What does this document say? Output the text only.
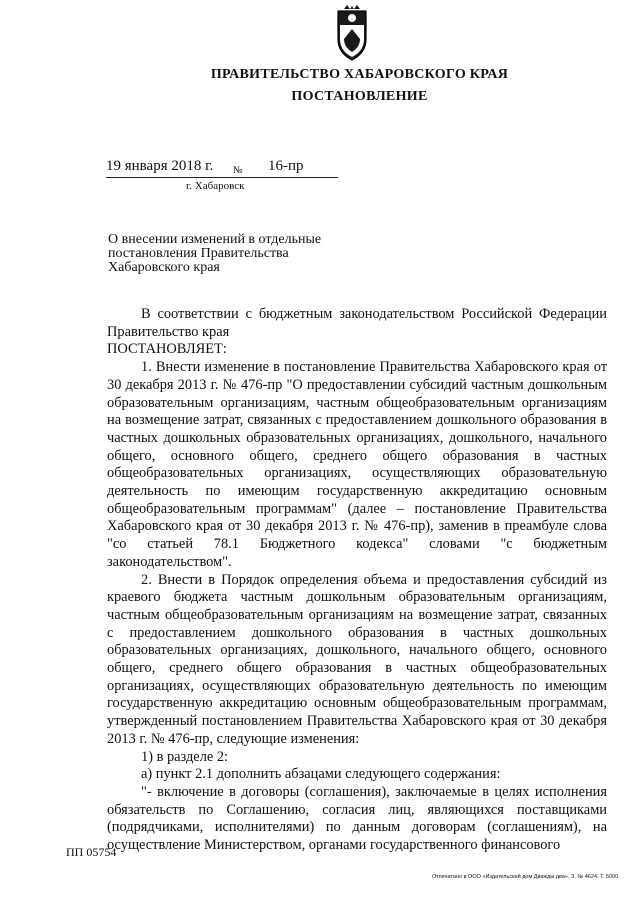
ПРАВИТЕЛЬСТВО ХАБАРОВСКОГО КРАЯ

ПОСТАНОВЛЕНИЕ

19 января 2018 г. № 16-пр
г. Хабаровск

О внесении изменений в отдельные постановления Правительства Хабаровского края

В соответствии с бюджетным законодательством Российской Федерации Правительство края

ПОСТАНОВЛЯЕТ:

1. Внести изменение в постановление Правительства Хабаровского края от 30 декабря 2013 г. № 476-пр "О предоставлении субсидий частным дошкольным образовательным организациям, частным общеобразовательным организациям на возмещение затрат, связанных с предоставлением дошкольного образования в частных дошкольных образовательных организациях, дошкольного, начального общего, основного общего, среднего общего образования в частных общеобразовательных организациях, осуществляющих образовательную деятельность по имеющим государственную аккредитацию основным общеобразовательным программам" (далее – постановление Правительства Хабаровского края от 30 декабря 2013 г. № 476-пр), заменив в преамбуле слова "со статьей 78.1 Бюджетного кодекса" словами "с бюджетным законодательством".

2. Внести в Порядок определения объема и предоставления субсидий из краевого бюджета частным дошкольным образовательным организациям, частным общеобразовательным организациям на возмещение затрат, связанных с предоставлением дошкольного образования в частных дошкольных образовательных организациях, дошкольного, начального общего, основного общего, среднего общего образования в частных общеобразовательных организациях, осуществляющих образовательную деятельность по имеющим государственную аккредитацию основным общеобразовательным программам, утвержденный постановлением Правительства Хабаровского края от 30 декабря 2013 г. № 476-пр, следующие изменения:

1) в разделе 2:

а) пункт 2.1 дополнить абзацами следующего содержания:

"- включение в договоры (соглашения), заключаемые в целях исполнения обязательств по Соглашению, согласия лиц, являющихся поставщиками (подрядчиками, исполнителями) по данным договорам (соглашениям), на осуществление Министерством, органами государственного финансового

ПП 05754
Отпечатано в ООО «Издательский дом Дважды два». З. № 4624. Т. 5000.
